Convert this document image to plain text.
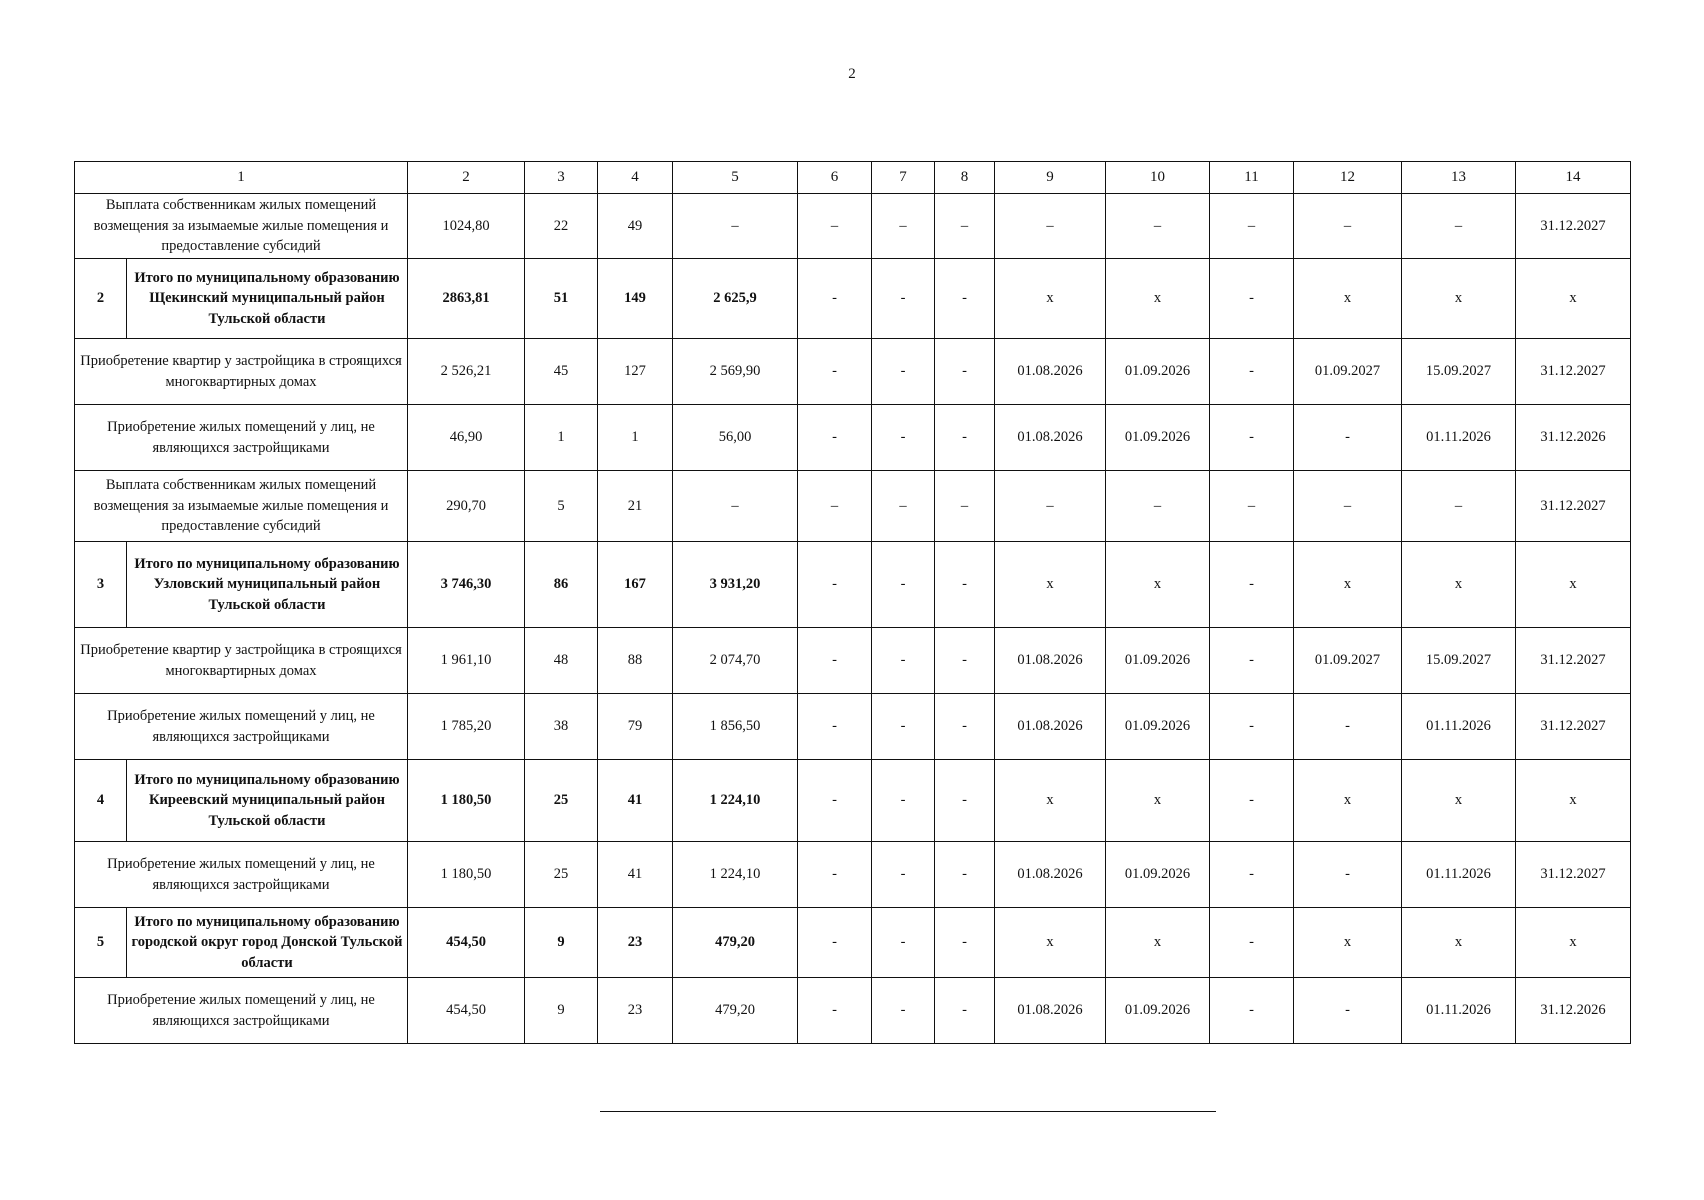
2
1		2	3	4	5	6	7	8	9	10	11	12	13	14
Выплата собственникам жилых помещений возмещения за изымаемые жилые помещения и предоставление субсидий		1024,80	22	49	–	–	–	–	–	–	–	–	–	31.12.2027
2	Итого по муниципальному образованию Щекинский муниципальный район Тульской области	2863,81	51	149	2 625,9	-	-	-	x	x	-	x	x	x
Приобретение квартир у застройщика в строящихся многоквартирных домах		2 526,21	45	127	2 569,90	-	-	-	01.08.2026	01.09.2026	-	01.09.2027	15.09.2027	31.12.2027
Приобретение жилых помещений у лиц, не являющихся застройщиками		46,90	1	1	56,00	-	-	-	01.08.2026	01.09.2026	-	-	01.11.2026	31.12.2026
Выплата собственникам жилых помещений возмещения за изымаемые жилые помещения и предоставление субсидий		290,70	5	21	–	–	–	–	–	–	–	–	–	31.12.2027
3	Итого по муниципальному образованию Узловский муниципальный район Тульской области	3 746,30	86	167	3 931,20	-	-	-	x	x	-	x	x	x
Приобретение квартир у застройщика в строящихся многоквартирных домах		1 961,10	48	88	2 074,70	-	-	-	01.08.2026	01.09.2026	-	01.09.2027	15.09.2027	31.12.2027
Приобретение жилых помещений у лиц, не являющихся застройщиками		1 785,20	38	79	1 856,50	-	-	-	01.08.2026	01.09.2026	-	-	01.11.2026	31.12.2027
4	Итого по муниципальному образованию Киреевский муниципальный район Тульской области	1 180,50	25	41	1 224,10	-	-	-	x	x	-	x	x	x
Приобретение жилых помещений у лиц, не являющихся застройщиками		1 180,50	25	41	1 224,10	-	-	-	01.08.2026	01.09.2026	-	-	01.11.2026	31.12.2027
5	Итого по муниципальному образованию городской округ город Донской Тульской области	454,50	9	23	479,20	-	-	-	x	x	-	x	x	x
Приобретение жилых помещений у лиц, не являющихся застройщиками		454,50	9	23	479,20	-	-	-	01.08.2026	01.09.2026	-	-	01.11.2026	31.12.2026
